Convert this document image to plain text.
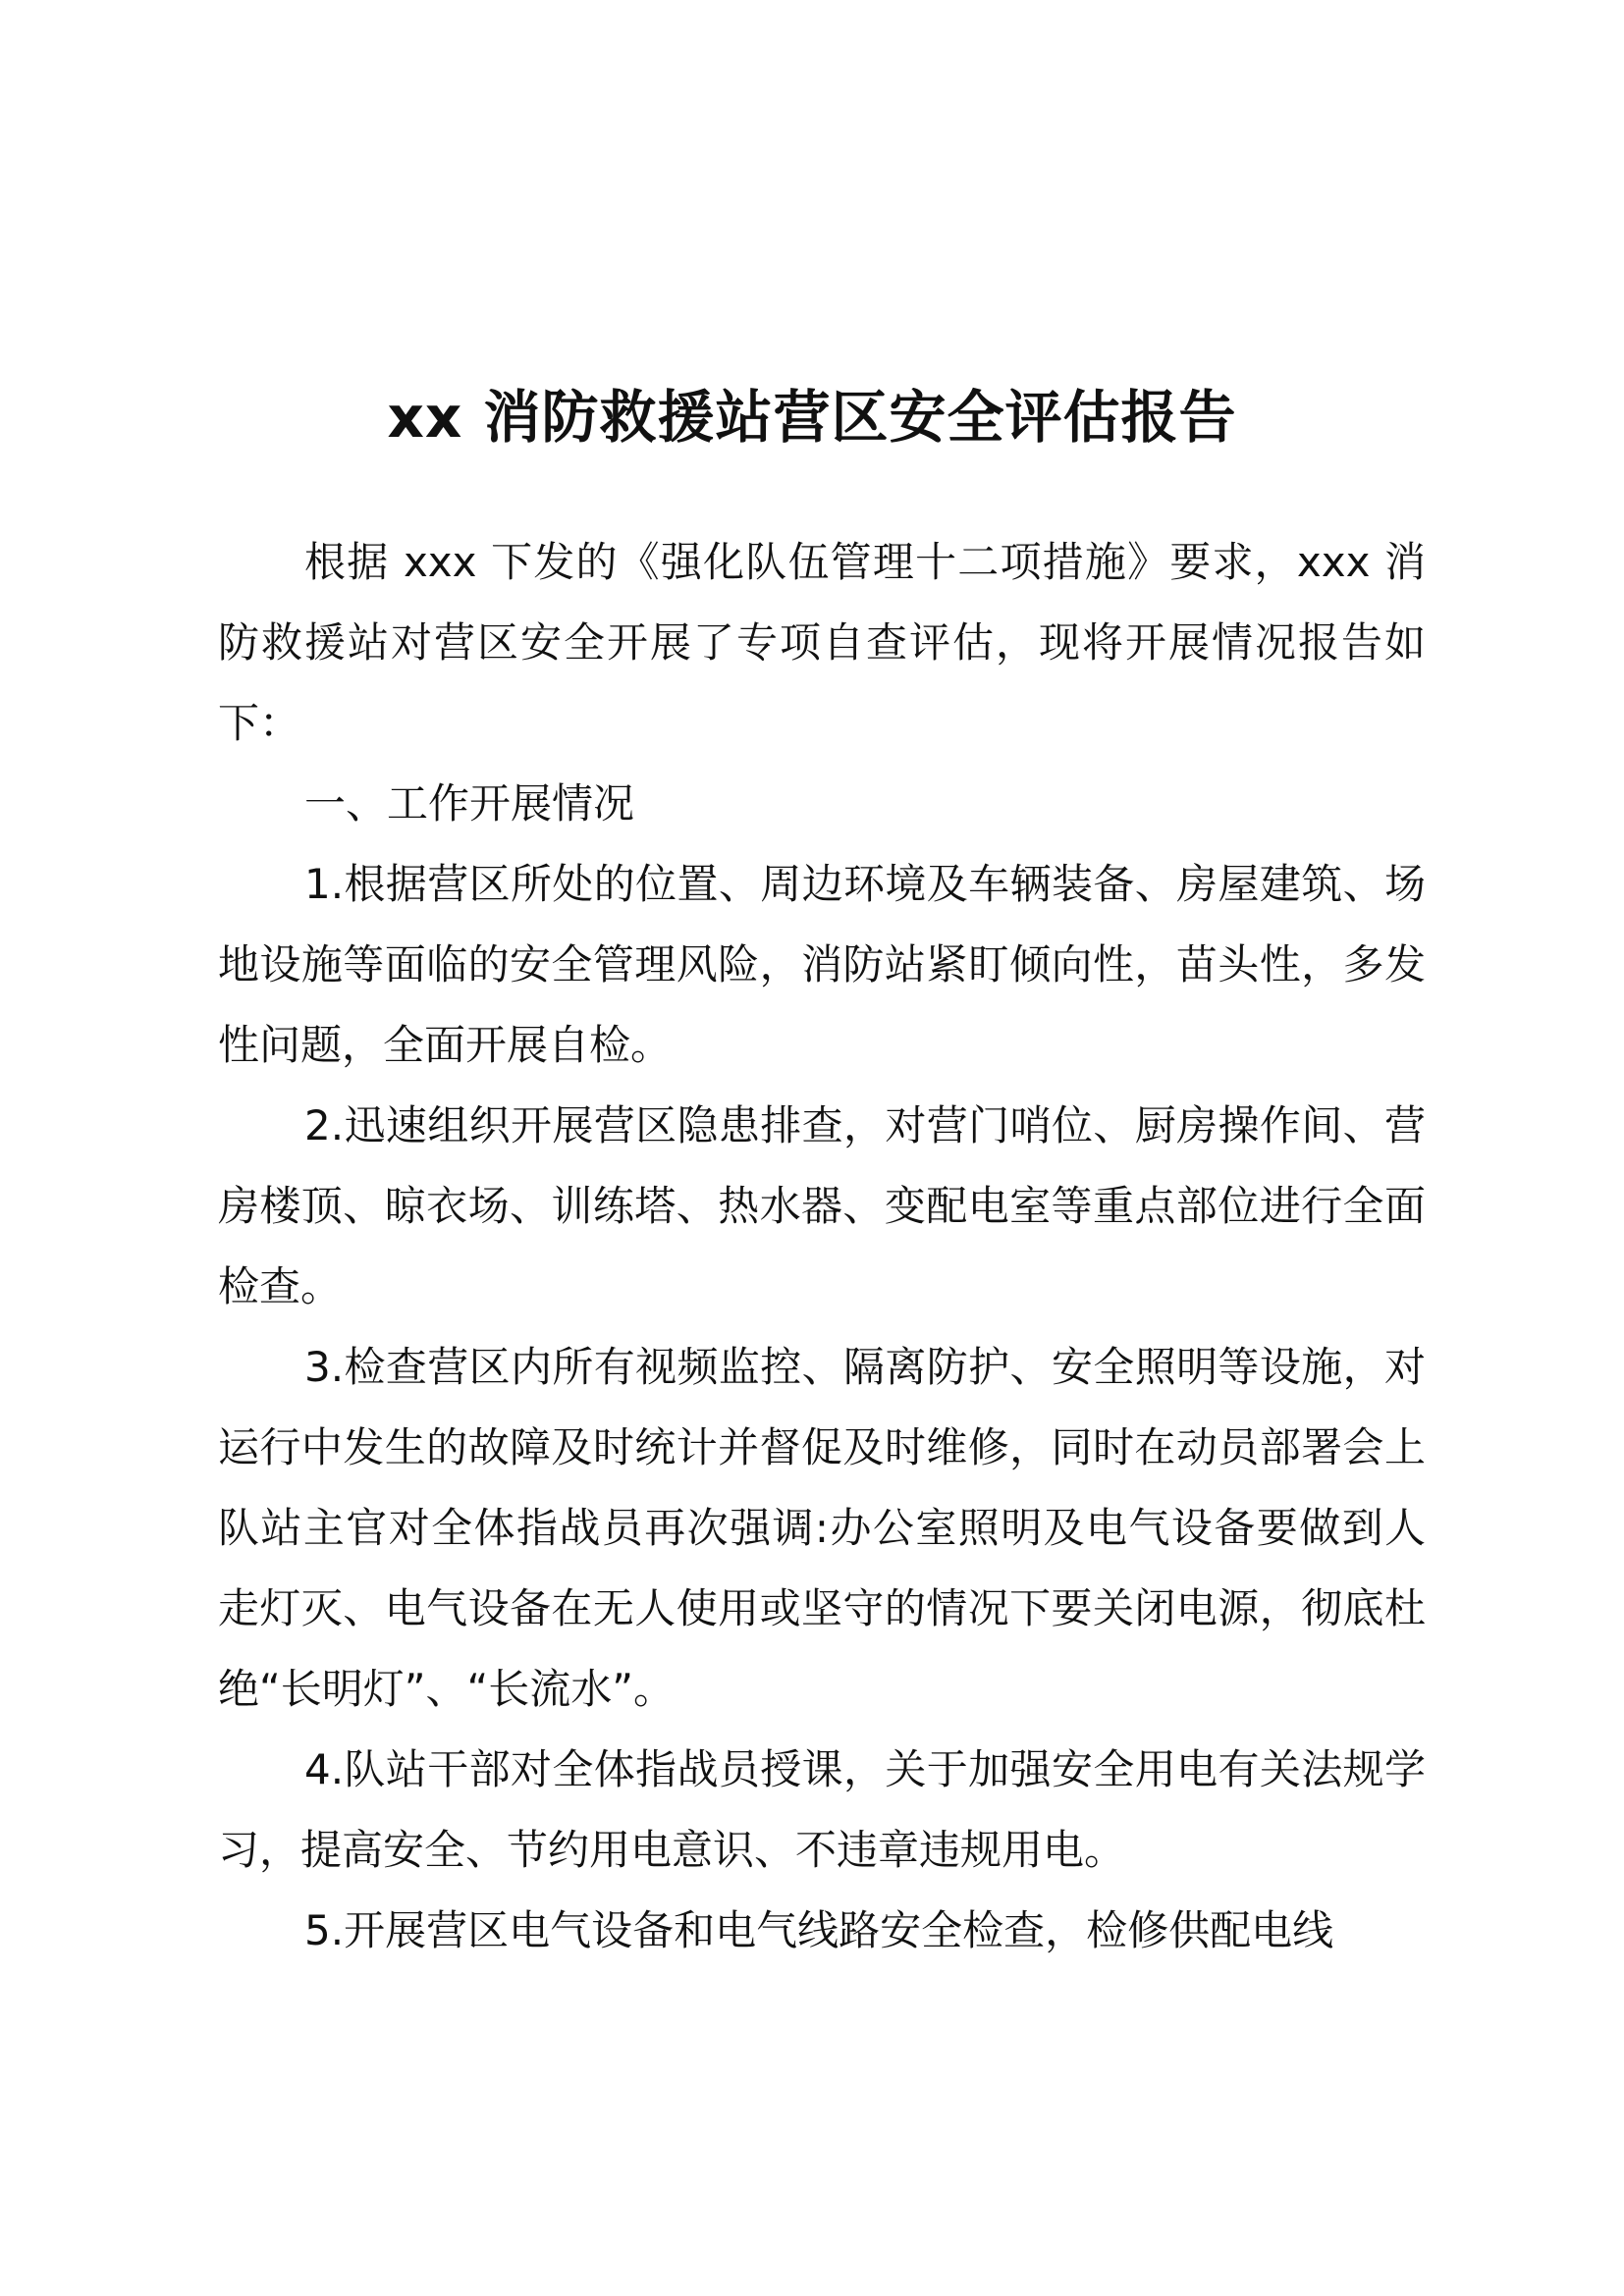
xx 消防救援站营区安全评估报告

根据 xxx 下发的《强化队伍管理十二项措施》要求，xxx 消防救援站对营区安全开展了专项自查评估，现将开展情况报告如下：

一、工作开展情况

1.根据营区所处的位置、周边环境及车辆装备、房屋建筑、场地设施等面临的安全管理风险，消防站紧盯倾向性，苗头性，多发性问题，全面开展自检。

2.迅速组织开展营区隐患排查，对营门哨位、厨房操作间、营房楼顶、晾衣场、训练塔、热水器、变配电室等重点部位进行全面检查。

3.检查营区内所有视频监控、隔离防护、安全照明等设施，对运行中发生的故障及时统计并督促及时维修，同时在动员部署会上队站主官对全体指战员再次强调:办公室照明及电气设备要做到人走灯灭、电气设备在无人使用或坚守的情况下要关闭电源，彻底杜绝“长明灯”、“长流水”。

4.队站干部对全体指战员授课，关于加强安全用电有关法规学习，提高安全、节约用电意识、不违章违规用电。

5.开展营区电气设备和电气线路安全检查，检修供配电线
